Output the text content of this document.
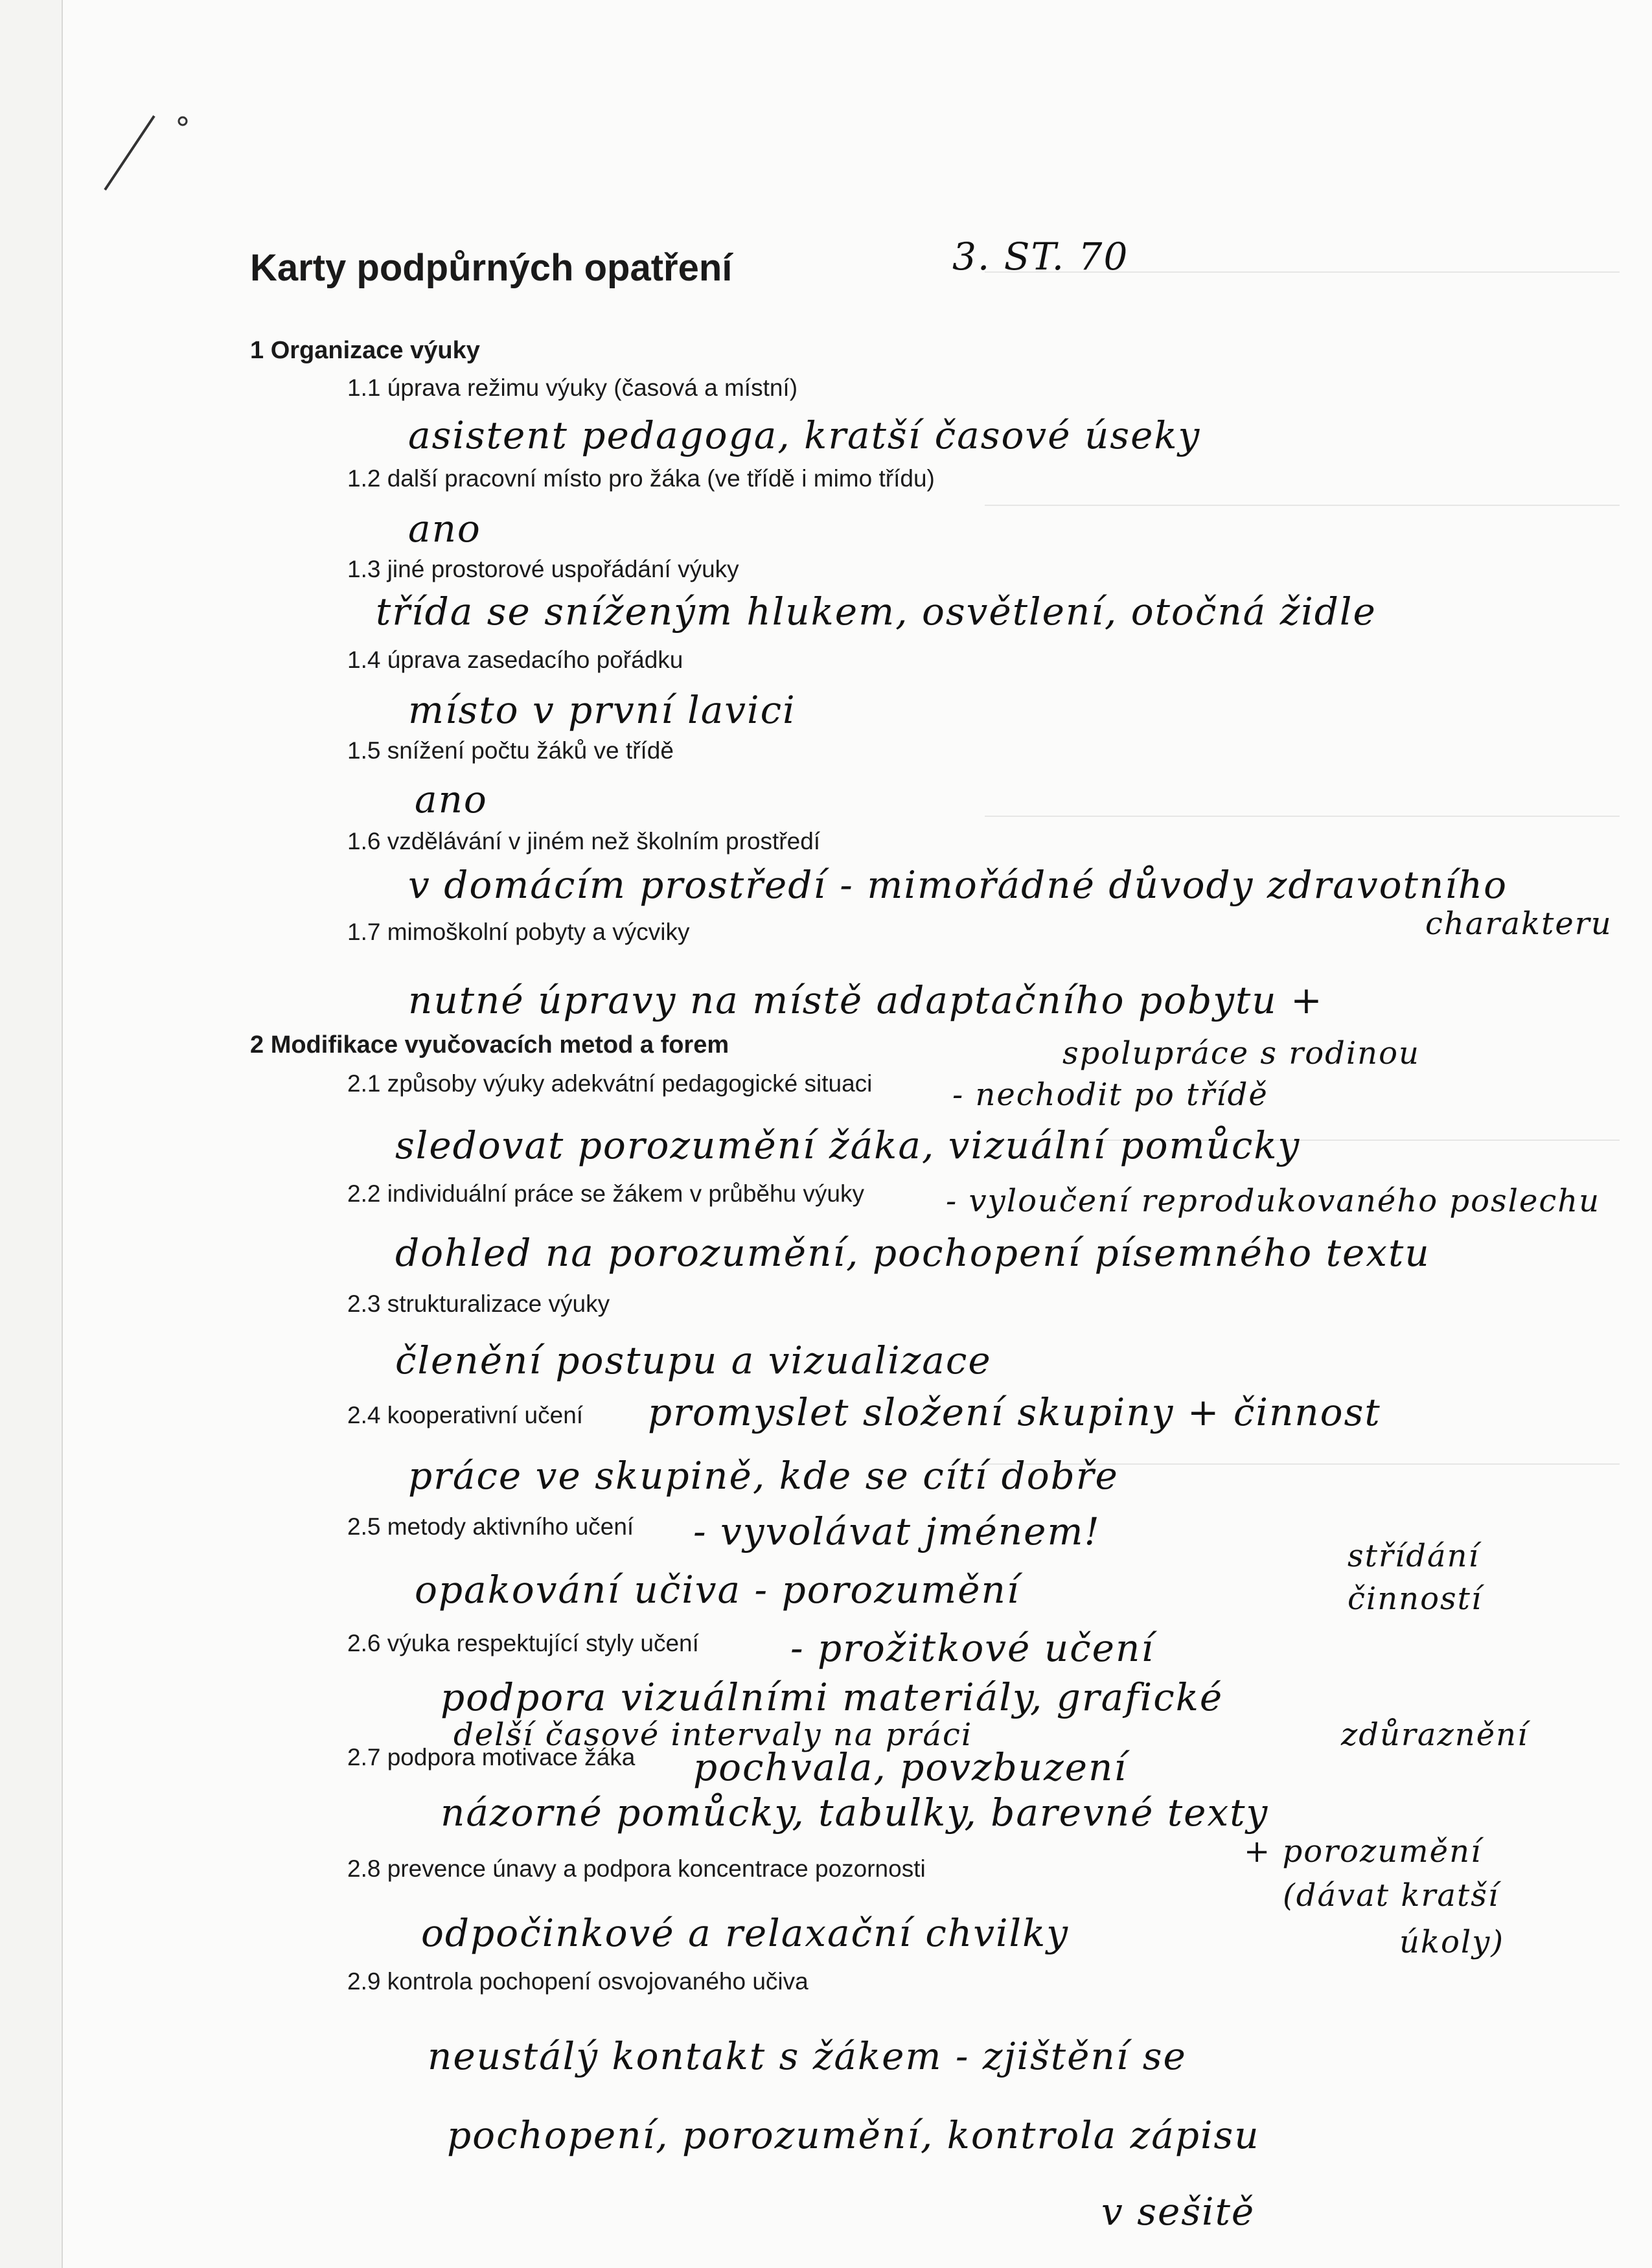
Karty podpůrných opatření	3. ST. 70
1 Organizace výuky
1.1 úprava režimu výuky (časová a místní)
asistent pedagoga, kratší časové úseky
1.2 další pracovní místo pro žáka (ve třídě i mimo třídu)
ano
1.3 jiné prostorové uspořádání výuky
třída se sníženým hlukem, osvětlení, otočná židle
1.4 úprava zasedacího pořádku
místo v první lavici
1.5 snížení počtu žáků ve třídě
ano
1.6 vzdělávání v jiném než školním prostředí
v domácím prostředí - mimořádné důvody zdravotního
charakteru
1.7 mimoškolní pobyty a výcviky
nutné úpravy na místě adaptačního pobytu +
spolupráce s rodinou
2 Modifikace vyučovacích metod a forem
2.1 způsoby výuky adekvátní pedagogické situaci	- nechodit po třídě
sledovat porozumění žáka, vizuální pomůcky
2.2 individuální práce se žákem v průběhu výuky	- vyloučení reprodukovaného poslechu
dohled na porozumění, pochopení písemného textu
2.3 strukturalizace výuky
členění postupu a vizualizace
2.4 kooperativní učení promyslet složení skupiny + činnost
práce ve skupině, kde se cítí dobře
2.5 metody aktivního učení - vyvolávat jménem!
opakování učiva - porozumění
střídání
činností
2.6 výuka respektující styly učení - prožitkové učení
podpora vizuálními materiály, grafické
delší časové intervaly na práci	zdůraznění
2.7 podpora motivace žáka pochvala, povzbuzení
názorné pomůcky, tabulky, barevné texty
+ porozumění
2.8 prevence únavy a podpora koncentrace pozornosti
odpočinkové a relaxační chvilky
(dávat kratší
úkoly)
2.9 kontrola pochopení osvojovaného učiva
neustálý kontakt s žákem - zjištění se
pochopení, porozumění, kontrola zápisu
v sešitě
